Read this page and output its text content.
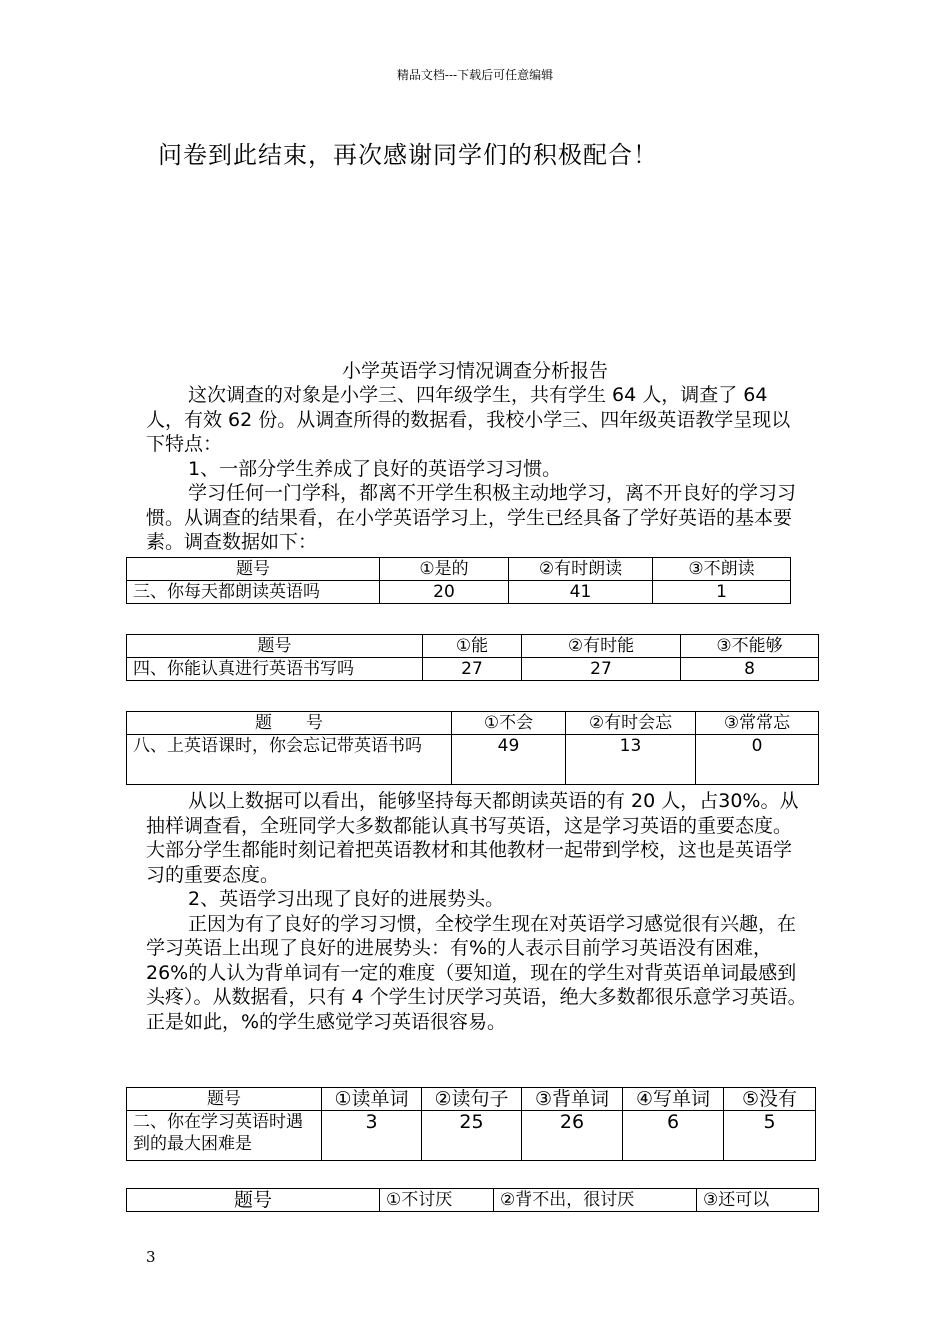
精品文档---下载后可任意编辑
问卷到此结束，再次感谢同学们的积极配合！
小学英语学习情况调查分析报告

这次调查的对象是小学三、四年级学生，共有学生 64 人，调查了 64 人，有效 62 份。从调查所得的数据看，我校小学三、四年级英语教学呈现以下特点：

1、一部分学生养成了良好的英语学习习惯。

学习任何一门学科，都离不开学生积极主动地学习，离不开良好的学习习惯。从调查的结果看，在小学英语学习上，学生已经具备了学好英语的基本要素。调查数据如下：

题号	①是的	②有时朗读	③不朗读
三、你每天都朗读英语吗	20	41	1
题号	①能	②有时能	③不能够
四、你能认真进行英语书写吗	27	27	8
题　　号	①不会	②有时会忘	③常常忘
八、上英语课时，你会忘记带英语书吗	49	13	0

从以上数据可以看出，能够坚持每天都朗读英语的有 20 人，占30%。从抽样调查看，全班同学大多数都能认真书写英语，这是学习英语的重要态度。大部分学生都能时刻记着把英语教材和其他教材一起带到学校，这也是英语学习的重要态度。

2、英语学习出现了良好的进展势头。

正因为有了良好的学习习惯，全校学生现在对英语学习感觉很有兴趣，在学习英语上出现了良好的进展势头：有%的人表示目前学习英语没有困难，26%的人认为背单词有一定的难度（要知道，现在的学生对背英语单词最感到头疼）。从数据看，只有 4 个学生讨厌学习英语，绝大多数都很乐意学习英语。正是如此，%的学生感觉学习英语很容易。

题号	①读单词	②读句子	③背单词	④写单词	⑤没有
二、你在学习英语时遇到的最大困难是	3	25	26	6	5
题号	①不讨厌	②背不出，很讨厌	③还可以
3
